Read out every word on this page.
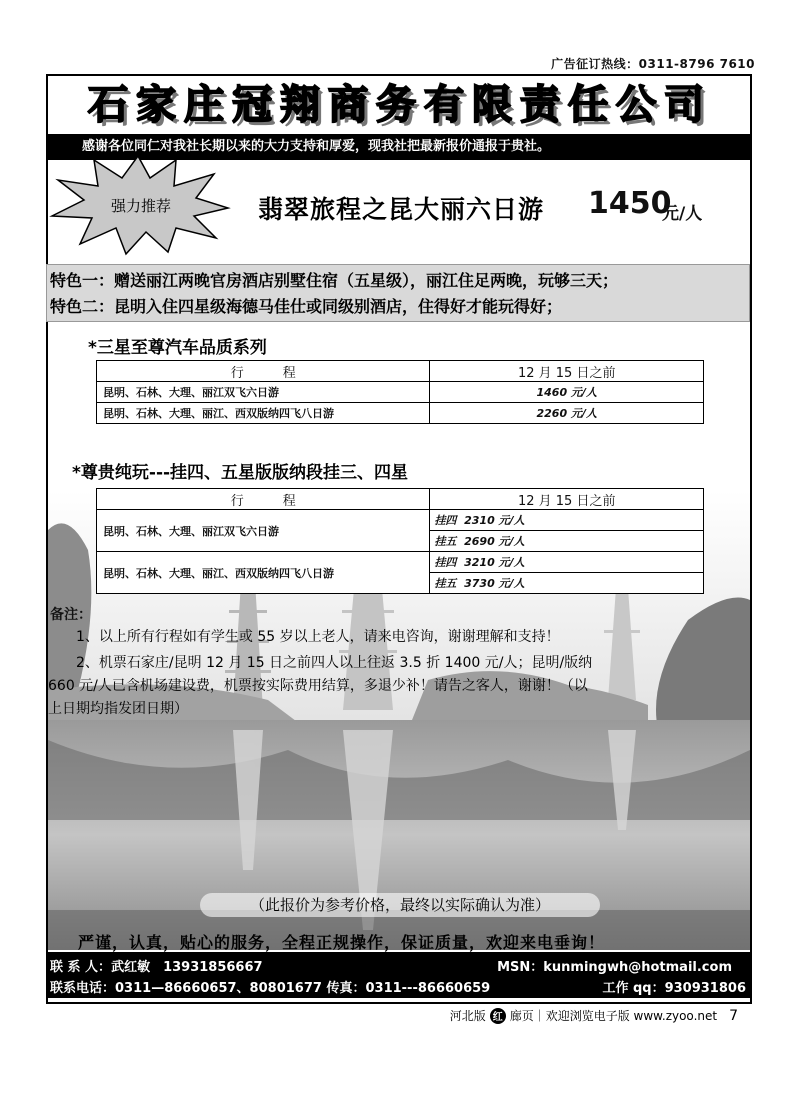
广告征订热线：0311-8796 7610
石家庄冠翔商务有限责任公司
感谢各位同仁对我社长期以来的大力支持和厚爱，现我社把最新报价通报于贵社。
强力推荐	翡翠旅程之昆大丽六日游 1450
元/人
特色一：赠送丽江两晚官房酒店别墅住宿（五星级），丽江住足两晚，玩够三天；
特色二：昆明入住四星级海德马佳仕或同级别酒店，住得好才能玩得好；
*三星至尊汽车品质系列
行　　　程	12 月 15 日之前
昆明、石林、大理、丽江双飞六日游	1460 元/人
昆明、石林、大理、丽江、西双版纳四飞八日游	2260 元/人
*尊贵纯玩---挂四、五星版版纳段挂三、四星
行　　　程	12 月 15 日之前
昆明、石林、大理、丽江双飞六日游	挂四 2310 元/人
	挂五 2690 元/人
昆明、石林、大理、丽江、西双版纳四飞八日游	挂四 3210 元/人
	挂五 3730 元/人
备注：
1、以上所有行程如有学生或 55 岁以上老人，请来电咨询，谢谢理解和支持！
2、机票石家庄/昆明 12 月 15 日之前四人以上往返 3.5 折 1400 元/人；昆明/版纳
660 元/人已含机场建设费，机票按实际费用结算，多退少补！请告之客人，谢谢！（以
上日期均指发团日期）
（此报价为参考价格，最终以实际确认为准）
严谨，认真，贴心的服务，全程正规操作，保证质量，欢迎来电垂询！
联 系 人：武红敏　13931856667	MSN：kunmingwh@hotmail.com
联系电话：0311—86660657、80801677 传真：0311---86660659	工作 qq：930931806
河北版 红 廊页｜欢迎浏览电子版 www.zyoo.net 7
